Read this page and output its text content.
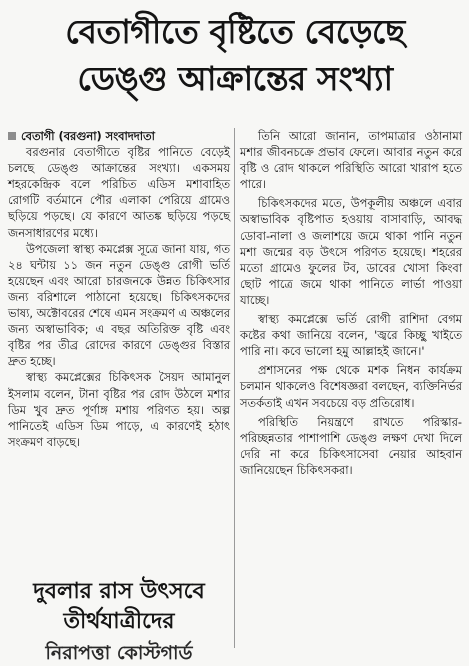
বেতাগীতে বৃষ্টিতে বেড়েছে
ডেঙ্গু আক্রান্তের সংখ্যা

বেতাগী (বরগুনা) সংবাদদাতা

বরগুনার বেতাগীতে বৃষ্টির পানিতে বেড়েই চলছে ডেঙ্গু আক্রান্তের সংখ্যা। একসময় শহরকেন্দ্রিক বলে পরিচিত এডিস মশাবাহিত রোগটি বর্তমানে পৌর এলাকা পেরিয়ে গ্রামেও ছড়িয়ে পড়ছে। যে কারণে আতঙ্ক ছড়িয়ে পড়ছে জনসাধারণের মধ্যে।

উপজেলা স্বাস্থ্য কমপ্লেক্স সূত্রে জানা যায়, গত ২৪ ঘন্টায় ১১ জন নতুন ডেঙ্গু রোগী ভর্তি হয়েছেন এবং আরো চারজনকে উন্নত চিকিৎসার জন্য বরিশালে পাঠানো হয়েছে। চিকিৎসকদের ভাষ্য, অক্টোবরের শেষে এমন সংক্রমণ এ অঞ্চলের জন্য অস্বাভাবিক; এ বছর অতিরিক্ত বৃষ্টি এবং বৃষ্টির পর তীব্র রোদের কারণে ডেঙ্গুর বিস্তার দ্রুত হচ্ছে।

স্বাস্থ্য কমপ্লেক্সের চিকিৎসক সৈয়দ আমানুল ইসলাম বলেন, টানা বৃষ্টির পর রোদ উঠলে মশার ডিম খুব দ্রুত পূর্ণাঙ্গ মশায় পরিণত হয়। অল্প পানিতেই এডিস ডিম পাড়ে, এ কারণেই হঠাৎ সংক্রমণ বাড়ছে।

তিনি আরো জানান, তাপমাত্রার ওঠানামা মশার জীবনচক্রে প্রভাব ফেলে। আবার নতুন করে বৃষ্টি ও রোদ থাকলে পরিস্থিতি আরো খারাপ হতে পারে।

চিকিৎসকদের মতে, উপকূলীয় অঞ্চলে এবার অস্বাভাবিক বৃষ্টিপাত হওয়ায় বাসাবাড়ি, আবদ্ধ ডোবা-নালা ও জলাশয়ে জমে থাকা পানি নতুন মশা জন্মের বড় উৎসে পরিণত হয়েছে। শহরের মতো গ্রামেও ফুলের টব, ডাবের খোসা কিংবা ছোট পাত্রে জমে থাকা পানিতে লার্ভা পাওয়া যাচ্ছে।

স্বাস্থ্য কমপ্লেক্সে ভর্তি রোগী রাশিদা বেগম কষ্টের কথা জানিয়ে বলেন, 'জ্বরে কিচ্ছু খাইতে পারি না। কবে ভালো হমু আল্লাহই জানে।'

প্রশাসনের পক্ষ থেকে মশক নিধন কার্যক্রম চলমান থাকলেও বিশেষজ্ঞরা বলছেন, ব্যক্তিনির্ভর সতর্কতাই এখন সবচেয়ে বড় প্রতিরোধ।

পরিস্থিতি নিয়ন্ত্রণে রাখতে পরিস্কার-পরিচ্ছন্নতার পাশাপাশি ডেঙ্গু লক্ষণ দেখা দিলে দেরি না করে চিকিৎসাসেবা নেয়ার আহবান জানিয়েছেন চিকিৎসকরা।

দুবলার রাস উৎসবে
তীর্থযাত্রীদের
নিরাপত্তা কোস্টগার্ড
